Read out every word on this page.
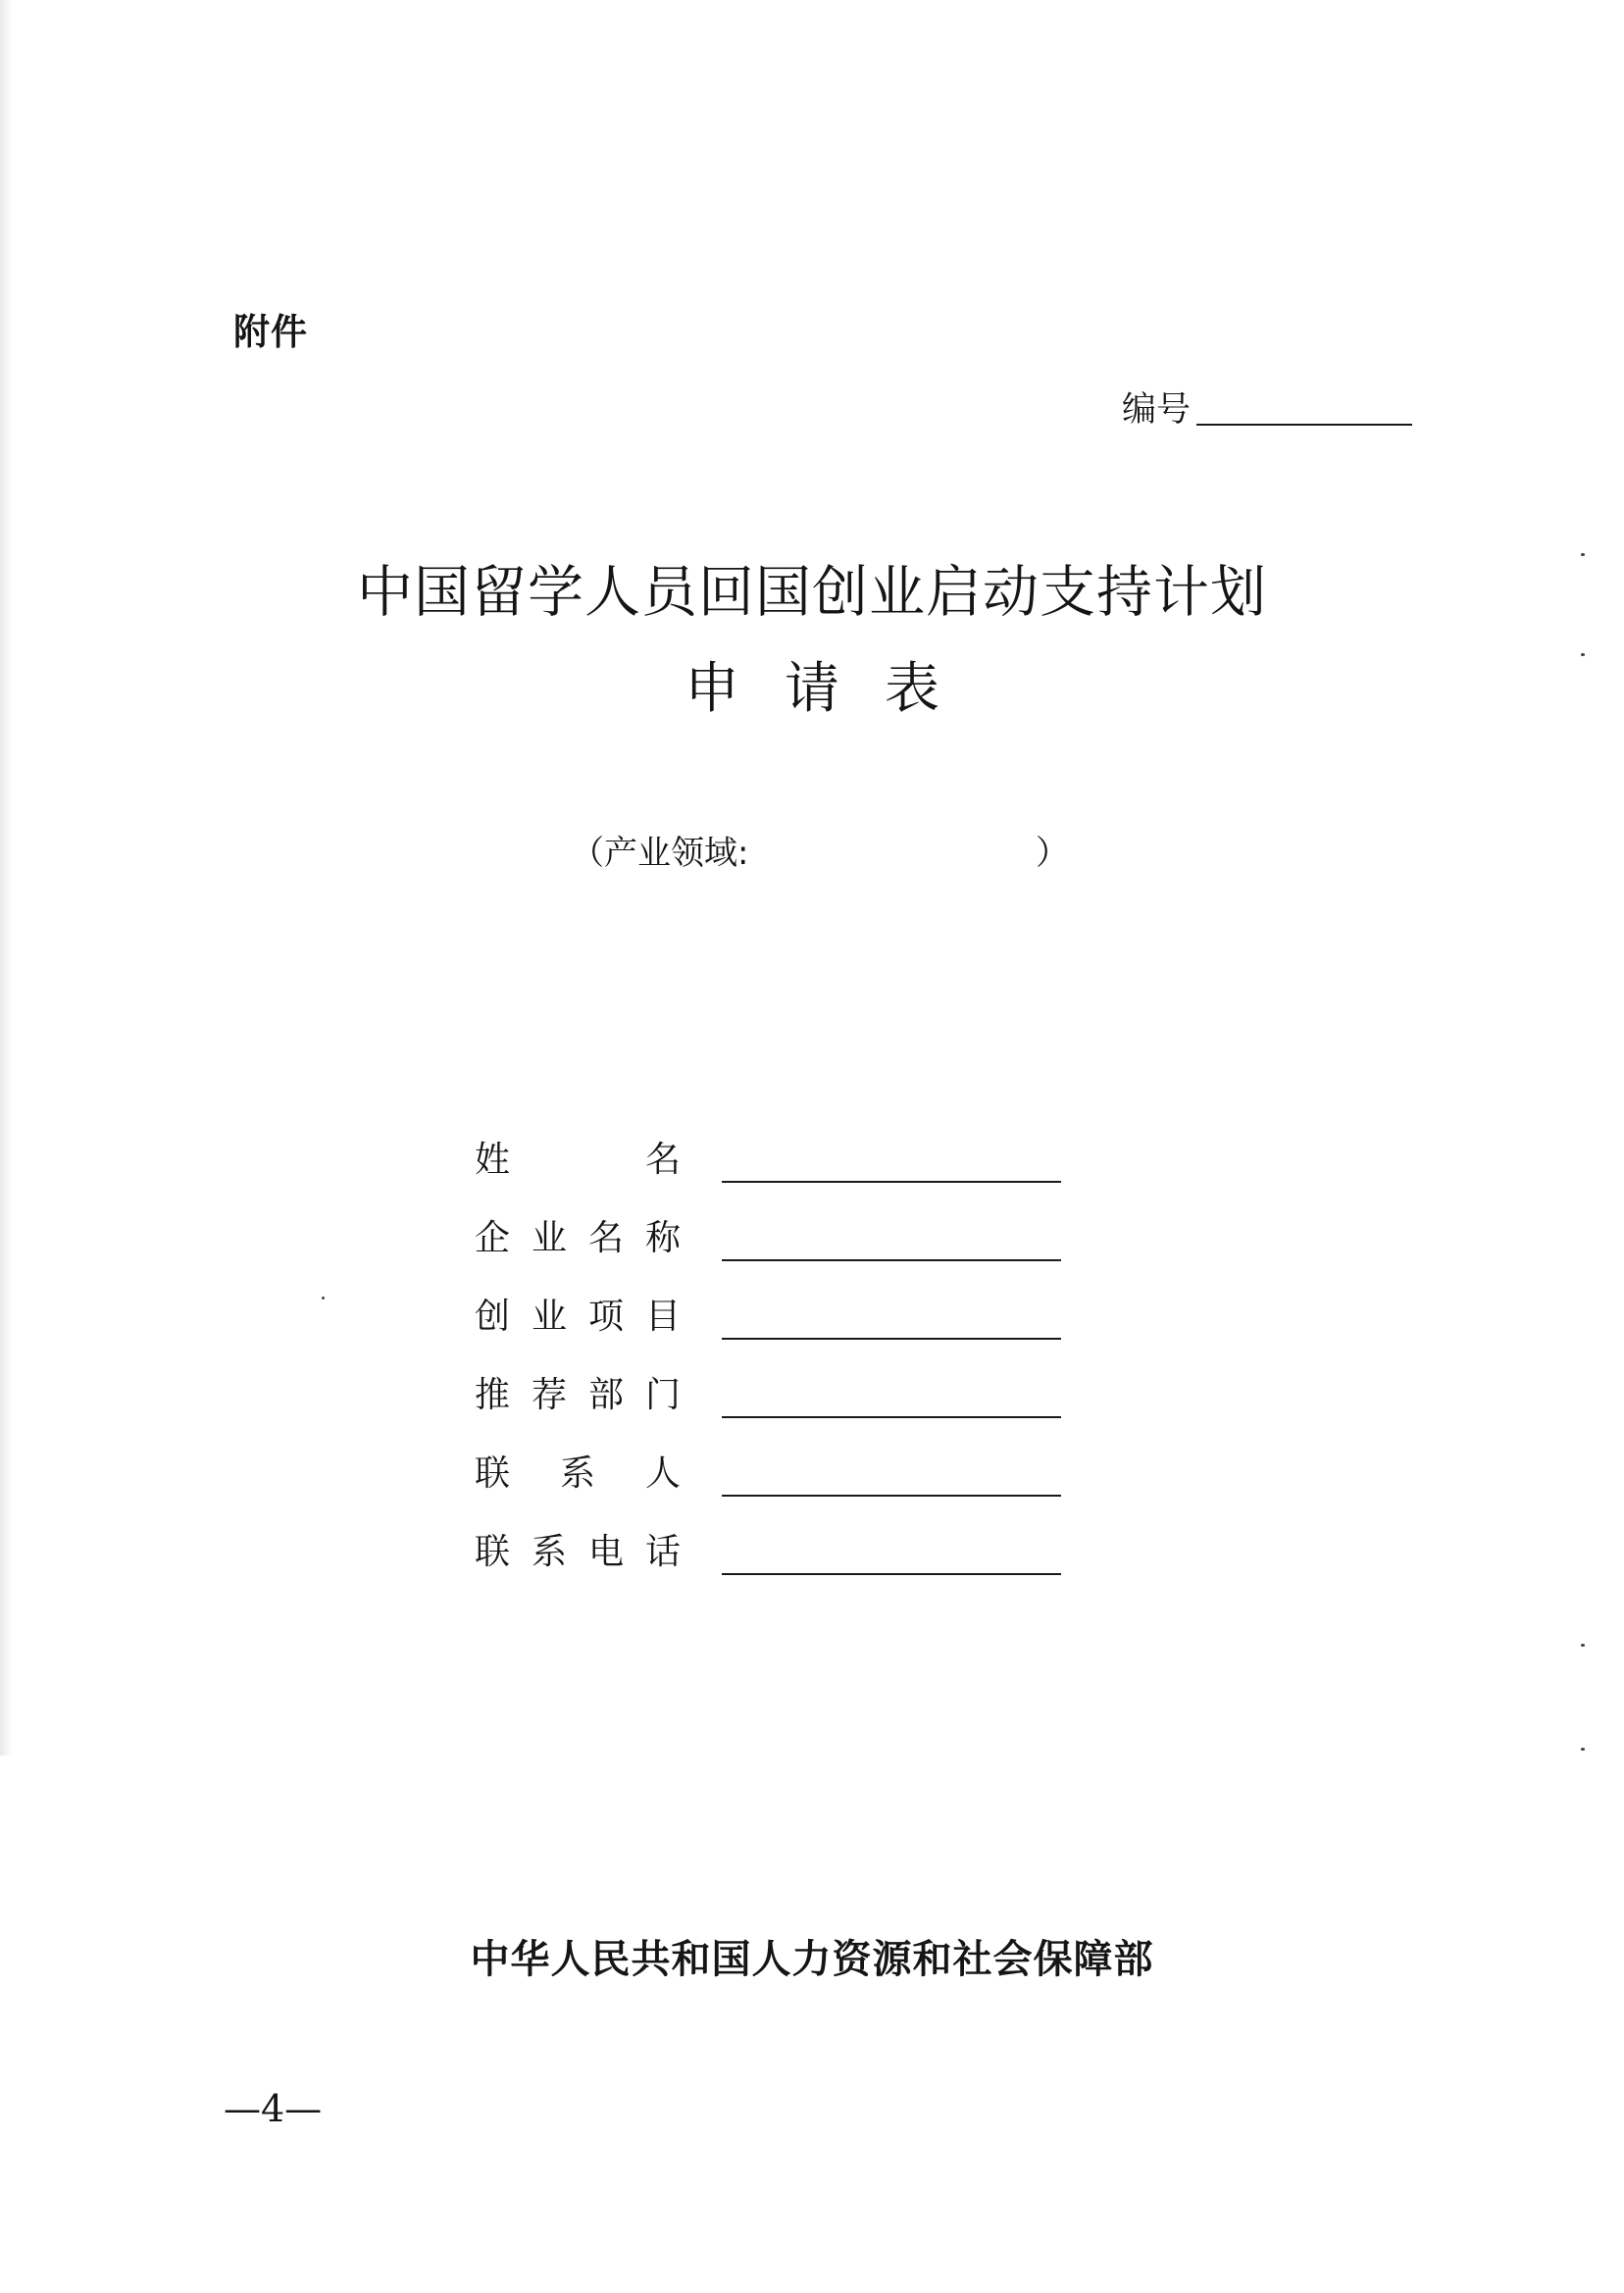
附件
编号
中国留学人员回国创业启动支持计划
申请表
（产业领域:	）
姓	名
企 业 名 称
创 业 项 目
推 荐 部 门
联 系 人
联 系 电 话
中华人民共和国人力资源和社会保障部
—4—
